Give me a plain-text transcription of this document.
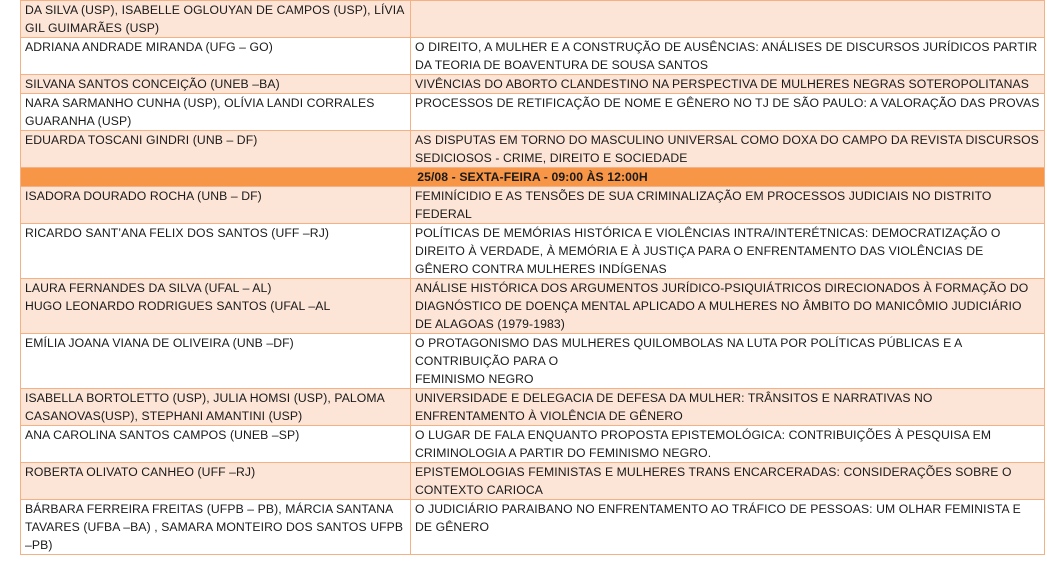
DA SILVA (USP), ISABELLE OGLOUYAN DE CAMPOS (USP), LÍVIA GIL GUIMARÃES (USP)	
ADRIANA ANDRADE MIRANDA (UFG – GO)	O DIREITO, A MULHER E A CONSTRUÇÃO DE AUSÊNCIAS: ANÁLISES DE DISCURSOS JURÍDICOS PARTIR DA TEORIA DE BOAVENTURA DE SOUSA SANTOS
SILVANA SANTOS CONCEIÇÃO (UNEB –BA)	VIVÊNCIAS DO ABORTO CLANDESTINO NA PERSPECTIVA DE MULHERES NEGRAS SOTEROPOLITANAS
NARA SARMANHO CUNHA (USP), OLÍVIA LANDI CORRALES GUARANHA (USP)	PROCESSOS DE RETIFICAÇÃO DE NOME E GÊNERO NO TJ DE SÃO PAULO: A VALORAÇÃO DAS PROVAS
EDUARDA TOSCANI GINDRI (UNB – DF)	AS DISPUTAS EM TORNO DO MASCULINO UNIVERSAL COMO DOXA DO CAMPO DA REVISTA DISCURSOS SEDICIOSOS - CRIME, DIREITO E SOCIEDADE
25/08 - SEXTA-FEIRA - 09:00 ÀS 12:00H	
ISADORA DOURADO ROCHA (UNB – DF)	FEMINÍCIDIO E AS TENSÕES DE SUA CRIMINALIZAÇÃO EM PROCESSOS JUDICIAIS NO DISTRITO FEDERAL
RICARDO SANT’ANA FELIX DOS SANTOS (UFF –RJ)	POLÍTICAS DE MEMÓRIAS HISTÓRICA E VIOLÊNCIAS INTRA/INTERÉTNICAS: DEMOCRATIZAÇÃO O DIREITO À VERDADE, À MEMÓRIA E À JUSTIÇA PARA O ENFRENTAMENTO DAS VIOLÊNCIAS DE GÊNERO CONTRA MULHERES INDÍGENAS
LAURA FERNANDES DA SILVA (UFAL – AL)
HUGO LEONARDO RODRIGUES SANTOS (UFAL –AL	ANÁLISE HISTÓRICA DOS ARGUMENTOS JURÍDICO-PSIQUIÁTRICOS DIRECIONADOS À FORMAÇÃO DO DIAGNÓSTICO DE DOENÇA MENTAL APLICADO A MULHERES NO ÂMBITO DO MANICÔMIO JUDICIÁRIO DE ALAGOAS (1979-1983)
EMÍLIA JOANA VIANA DE OLIVEIRA (UNB –DF)	O PROTAGONISMO DAS MULHERES QUILOMBOLAS NA LUTA POR POLÍTICAS PÚBLICAS E A CONTRIBUIÇÃO PARA O
FEMINISMO NEGRO
ISABELLA BORTOLETTO (USP), JULIA HOMSI (USP), PALOMA CASANOVAS(USP), STEPHANI AMANTINI (USP)	UNIVERSIDADE E DELEGACIA DE DEFESA DA MULHER: TRÂNSITOS E NARRATIVAS NO ENFRENTAMENTO À VIOLÊNCIA DE GÊNERO
ANA CAROLINA SANTOS CAMPOS (UNEB –SP)	O LUGAR DE FALA ENQUANTO PROPOSTA EPISTEMOLÓGICA: CONTRIBUIÇÕES À PESQUISA EM CRIMINOLOGIA A PARTIR DO FEMINISMO NEGRO.
ROBERTA OLIVATO CANHEO (UFF –RJ)	EPISTEMOLOGIAS FEMINISTAS E MULHERES TRANS ENCARCERADAS: CONSIDERAÇÕES SOBRE O CONTEXTO CARIOCA
BÁRBARA FERREIRA FREITAS (UFPB – PB), MÁRCIA SANTANA TAVARES (UFBA –BA) , SAMARA MONTEIRO DOS SANTOS UFPB –PB)	O JUDICIÁRIO PARAIBANO NO ENFRENTAMENTO AO TRÁFICO DE PESSOAS: UM OLHAR FEMINISTA E DE GÊNERO
